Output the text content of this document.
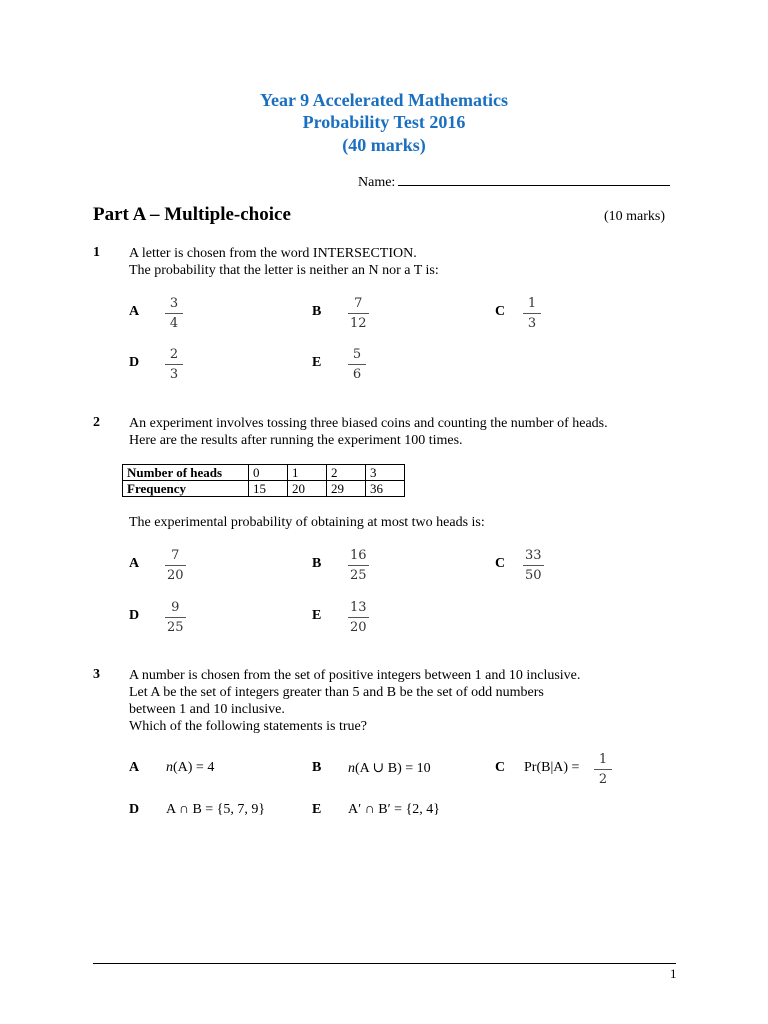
Year 9 Accelerated Mathematics
Probability Test 2016
(40 marks)
Name:
Part A – Multiple-choice	(10 marks)
1 A letter is chosen from the word INTERSECTION.
The probability that the letter is neither an N nor a T is:
A $\frac{3}{4}$	B $\frac{7}{12}$	C $\frac{1}{3}$
D $\frac{2}{3}$	E $\frac{5}{6}$
2 An experiment involves tossing three biased coins and counting the number of heads.
Here are the results after running the experiment 100 times.
Number of heads	0	1	2	3
Frequency	15	20	29	36
The experimental probability of obtaining at most two heads is:
A $\frac{7}{20}$	B $\frac{16}{25}$	C $\frac{33}{50}$
D $\frac{9}{25}$	E $\frac{13}{20}$
3 A number is chosen from the set of positive integers between 1 and 10 inclusive.
Let A be the set of integers greater than 5 and B be the set of odd numbers
between 1 and 10 inclusive.
Which of the following statements is true?
A n(A) = 4	B n(A ∪ B) = 10	C $Pr(B|A) = \frac{1}{2}$
D A ∩ B = {5, 7, 9}	E A′ ∩ B′ = {2, 4}
1
